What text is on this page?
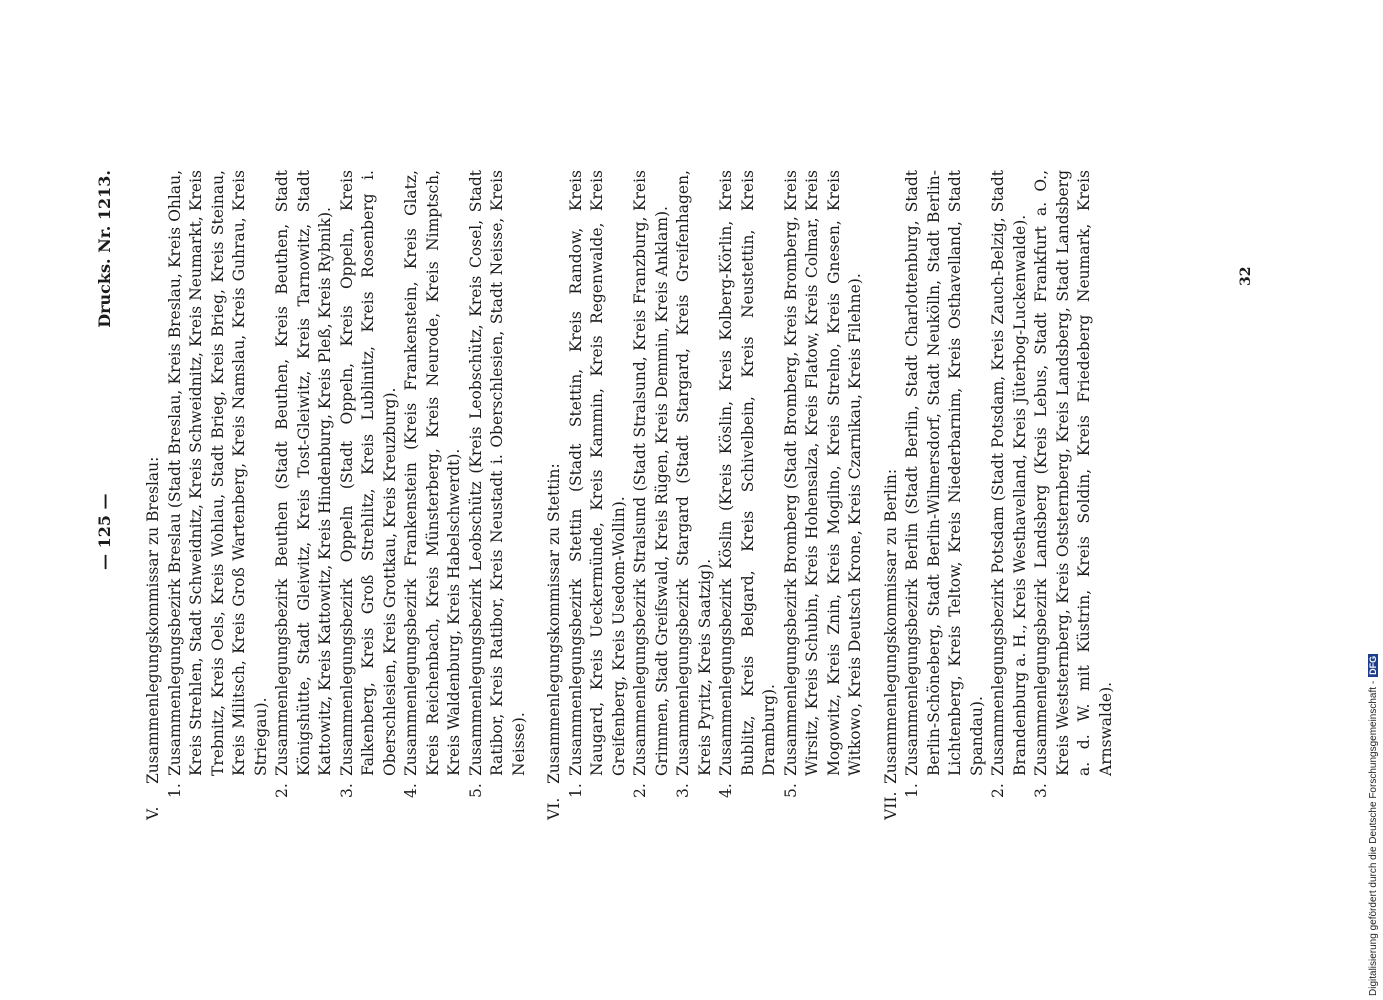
— 125 —
Drucks. Nr. 1213.
V.
Zusammenlegungskommissar zu Breslau:
1.
Zusammenlegungsbezirk Breslau (Stadt Breslau, Kreis Breslau, Kreis Ohlau, Kreis Strehlen, Stadt Schweidnitz, Kreis Schweidnitz, Kreis Neumarkt, Kreis Trebnitz, Kreis Oels, Kreis Wohlau, Stadt Brieg, Kreis Brieg, Kreis Steinau, Kreis Militsch, Kreis Groß Wartenberg, Kreis Namslau, Kreis Guhrau, Kreis Striegau).
2.
Zusammenlegungsbezirk Beuthen (Stadt Beuthen, Kreis Beuthen, Stadt Königshütte, Stadt Gleiwitz, Kreis Tost-Gleiwitz, Kreis Tarnowitz, Stadt Kattowitz, Kreis Kattowitz, Kreis Hindenburg, Kreis Pleß, Kreis Rybnik).
3.
Zusammenlegungsbezirk Oppeln (Stadt Oppeln, Kreis Oppeln, Kreis Falkenberg, Kreis Groß Strehlitz, Kreis Lublinitz, Kreis Rosenberg i. Oberschlesien, Kreis Grottkau, Kreis Kreuzburg).
4.
Zusammenlegungsbezirk Frankenstein (Kreis Frankenstein, Kreis Glatz, Kreis Reichenbach, Kreis Münsterberg, Kreis Neurode, Kreis Nimptsch, Kreis Waldenburg, Kreis Habelschwerdt).
5.
Zusammenlegungsbezirk Leobschütz (Kreis Leobschütz, Kreis Cosel, Stadt Ratibor, Kreis Ratibor, Kreis Neustadt i. Oberschlesien, Stadt Neisse, Kreis Neisse).
VI.
Zusammenlegungskommissar zu Stettin:
1.
Zusammenlegungsbezirk Stettin (Stadt Stettin, Kreis Randow, Kreis Naugard, Kreis Ueckermünde, Kreis Kammin, Kreis Regenwalde, Kreis Greifenberg, Kreis Usedom-Wollin).
2.
Zusammenlegungsbezirk Stralsund (Stadt Stralsund, Kreis Franzburg, Kreis Grimmen, Stadt Greifswald, Kreis Rügen, Kreis Demmin, Kreis Anklam).
3.
Zusammenlegungsbezirk Stargard (Stadt Stargard, Kreis Greifenhagen, Kreis Pyritz, Kreis Saatzig).
4.
Zusammenlegungsbezirk Köslin (Kreis Köslin, Kreis Kolberg-Körlin, Kreis Bublitz, Kreis Belgard, Kreis Schivelbein, Kreis Neustettin, Kreis Dramburg).
5.
Zusammenlegungsbezirk Bromberg (Stadt Bromberg, Kreis Bromberg, Kreis Wirsitz, Kreis Schubin, Kreis Hohensalza, Kreis Flatow, Kreis Colmar, Kreis Mogowitz, Kreis Znin, Kreis Mogilno, Kreis Strelno, Kreis Gnesen, Kreis Witkowo, Kreis Deutsch Krone, Kreis Czarnikau, Kreis Filehne).
VII.
Zusammenlegungskommissar zu Berlin:
1.
Zusammenlegungsbezirk Berlin (Stadt Berlin, Stadt Charlottenburg, Stadt Berlin-Schöneberg, Stadt Berlin-Wilmersdorf, Stadt Neukölln, Stadt Berlin-Lichtenberg, Kreis Teltow, Kreis Niederbarnim, Kreis Osthavelland, Stadt Spandau).
2.
Zusammenlegungsbezirk Potsdam (Stadt Potsdam, Kreis Zauch-Belzig, Stadt Brandenburg a. H., Kreis Westhavelland, Kreis Jüterbog-Luckenwalde).
3.
Zusammenlegungsbezirk Landsberg (Kreis Lebus, Stadt Frankfurt a. O., Kreis Weststernberg, Kreis Oststernberg, Kreis Landsberg, Stadt Landsberg a. d. W. mit Küstrin, Kreis Soldin, Kreis Friedeberg Neumark, Kreis Arnswalde).
32
Digitalisierung gefördert durch die Deutsche Forschungsgemeinschaft -DFG
